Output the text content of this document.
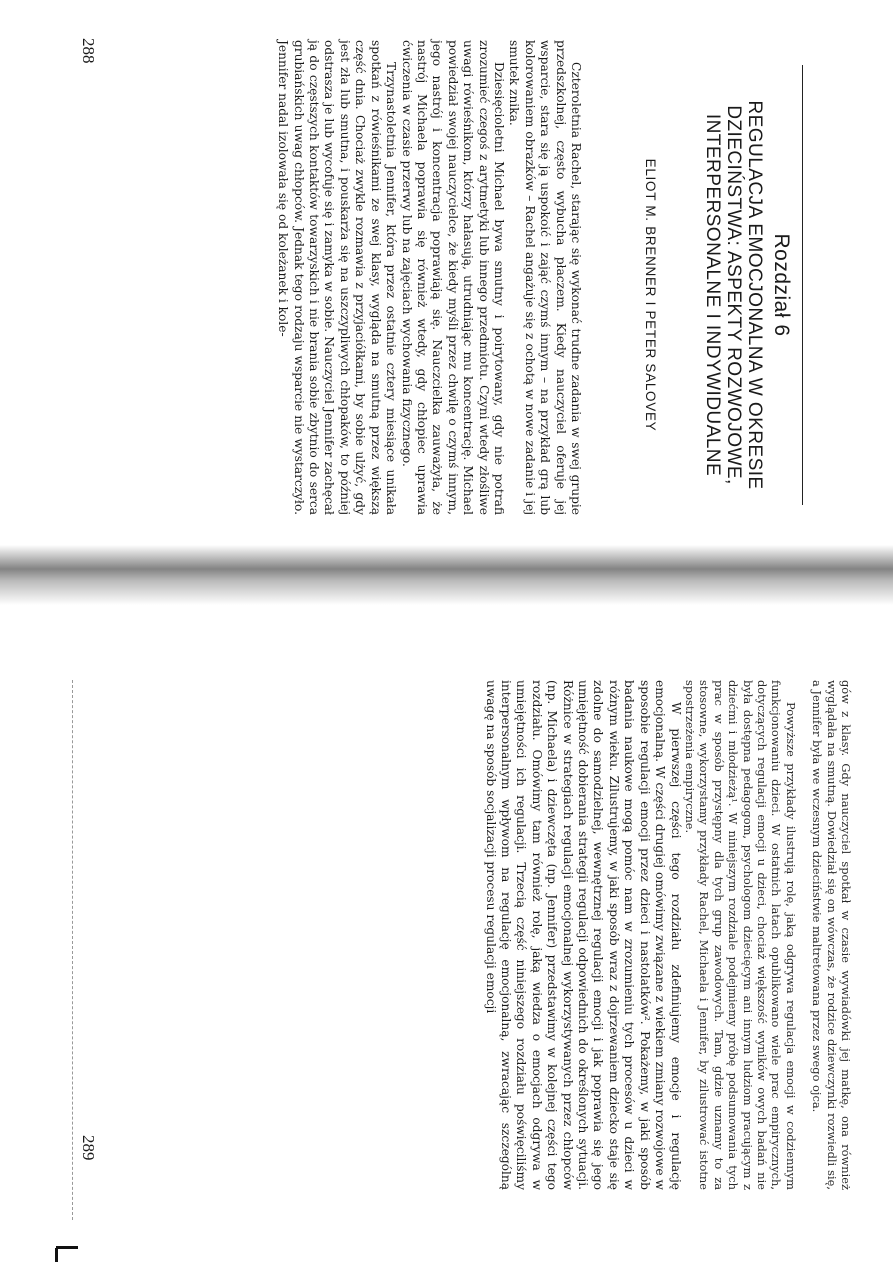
Rozdział 6
REGULACJA EMOCJONALNA W OKRESIE
DZIECIŃSTWA: ASPEKTY ROZWOJOWE,
INTERPERSONALNE I INDYWIDUALNE
ELIOT M. BRENNER I PETER SALOVEY

Czteroletnia Rachel, starając się wykonać trudne zadania w swej grupie przedszkolnej, często wybucha płaczem. Kiedy nauczyciel oferuje jej wsparcie, stara się ją uspokoić i zająć czymś innym – na przykład grą lub kolorowaniem obrazków – Rachel angażuje się z ochotą w nowe zadanie i jej smutek znika.

Dziesięcioletni Michael bywa smutny i poirytowany, gdy nie potrafi zrozumieć czegoś z arytmetyki lub innego przedmiotu. Czyni wtedy złośliwe uwagi rówieśnikom, którzy hałasują, utrudniając mu koncentrację. Michael powiedział swojej nauczycielce, że kiedy myśli przez chwilę o czymś innym, jego nastrój i koncentracja poprawiają się. Nauczcielka zauważyła, że nastrój Michaela poprawia się również wtedy, gdy chłopiec uprawia ćwiczenia w czasie przerwy lub na zajęciach wychowania fizycznego.

Trzynastoletnia Jennifer, która przez ostatnie cztery miesiące unikała spotkań z rówieśnikami ze swej klasy, wygląda na smutną przez większą część dnia. Chociaż zwykle rozmawia z przyjaciółkami, by sobie ulżyć, gdy jest zła lub smutna, i pouskarża się na uszczypliwych chłopaków, to później odstrasza je lub wycofuje się i zamyka w sobie. Nauczyciel Jennifer zachęcał ją do częstszych kontaktów towarzyskich i nie brania sobie zbytnio do serca grubiańskich uwag chłopców. Jednak tego rodzaju wsparcie nie wystarczyło. Jennifer nadal izolowała się od koleżanek i kole-

288

gów z klasy. Gdy nauczyciel spotkał w czasie wywiadówki jej matkę, ona również wyglądała na smutną. Dowiedział się on wówczas, że rodzice dziewczynki rozwiedli się, a Jennifer była we wczesnym dzieciństwie maltretowana przez swego ojca.

Powyższe przykłady ilustrują rolę, jaką odgrywa regulacja emocji w codziennym funkcjonowaniu dzieci. W ostatnich latach opublikowano wiele prac empirycznych, dotyczących regulacji emocji u dzieci, chociaż większość wyników owych badań nie była dostępna pedagogom, psychologom dziecięcym ani innym ludziom pracującym z dziećmi i młodzieżą¹. W niniejszym rozdziale podejmiemy próbę podsumowania tych prac w sposób przystępny dla tych grup zawodowych. Tam, gdzie uznamy to za stosowne, wykorzystamy przykłady Rachel, Michaela i Jennifer, by zilustrować istotne spostrzeżenia empiryczne.

W pierwszej części tego rozdziału zdefiniujemy emocje i regulację emocjonalną. W części drugiej omówimy związane z wiekiem zmiany rozwojowe w sposobie regulacji emocji przez dzieci i nastolatków². Pokażemy, w jaki sposób badania naukowe mogą pomóc nam w zrozumieniu tych procesów u dzieci w różnym wieku. Zilustrujemy, w jaki sposób wraz z dojrzewaniem dziecko staje się zdolne do samodzielnej, wewnętrznej regulacji emocji i jak poprawia się jego umiejętność dobierania strategii regulacji odpowiednich do określonych sytuacji. Różnice w strategiach regulacji emocjonalnej wykorzystywanych przez chłopców (np. Michaela) i dziewczęta (np. Jennifer) przedstawimy w kolejnej części tego rozdziału. Omówimy tam również rolę, jaką wiedza o emocjach odgrywa w umiejętności ich regulacji. Trzecią część niniejszego rozdziału poświęciliśmy interpersonalnym wpływom na regulację emocjonalną, zwracając szczególną uwagę na sposób socjalizacji procesu regulacji emocji

289
